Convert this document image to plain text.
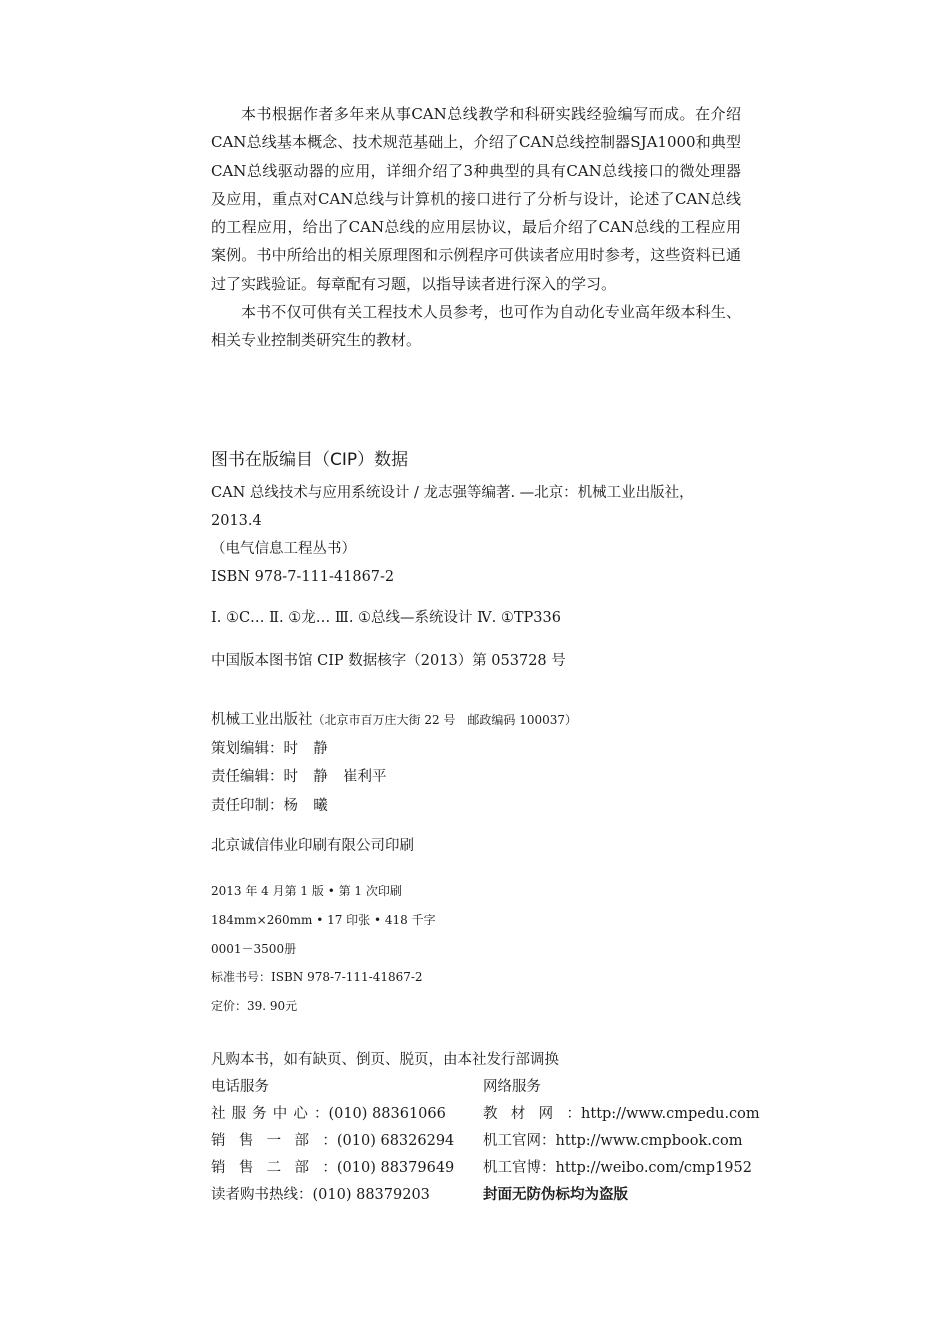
本书根据作者多年来从事CAN总线教学和科研实践经验编写而成。在介绍CAN总线基本概念、技术规范基础上，介绍了CAN总线控制器SJA1000和典型CAN总线驱动器的应用，详细介绍了3种典型的具有CAN总线接口的微处理器及应用，重点对CAN总线与计算机的接口进行了分析与设计，论述了CAN总线的工程应用，给出了CAN总线的应用层协议，最后介绍了CAN总线的工程应用案例。书中所给出的相关原理图和示例程序可供读者应用时参考，这些资料已通过了实践验证。每章配有习题，以指导读者进行深入的学习。

本书不仅可供有关工程技术人员参考，也可作为自动化专业高年级本科生、相关专业控制类研究生的教材。

图书在版编目（CIP）数据
CAN 总线技术与应用系统设计 / 龙志强等编著. —北京：机械工业出版社，
2013.4
（电气信息工程丛书）
ISBN 978-7-111-41867-2
Ⅰ. ①C… Ⅱ. ①龙… Ⅲ. ①总线—系统设计 Ⅳ. ①TP336
中国版本图书馆 CIP 数据核字（2013）第 053728 号
机械工业出版社（北京市百万庄大街 22 号　邮政编码 100037）
策划编辑：时静
责任编辑：时静崔利平
责任印制：杨曦
北京诚信伟业印刷有限公司印刷
2013 年 4 月第 1 版 • 第 1 次印刷
184mm×260mm • 17 印张 • 418 千字
0001－3500册
标准书号：ISBN 978-7-111-41867-2
定价：39. 90元
凡购本书，如有缺页、倒页、脱页，由本社发行部调换
电话服务	网络服务
社服务中心：(010) 88361066	教材网：http://www.cmpedu.com
销售一部：(010) 68326294	机工官网：http://www.cmpbook.com
销售二部：(010) 88379649	机工官博：http://weibo.com/cmp1952
读者购书热线：(010) 88379203	封面无防伪标均为盗版
